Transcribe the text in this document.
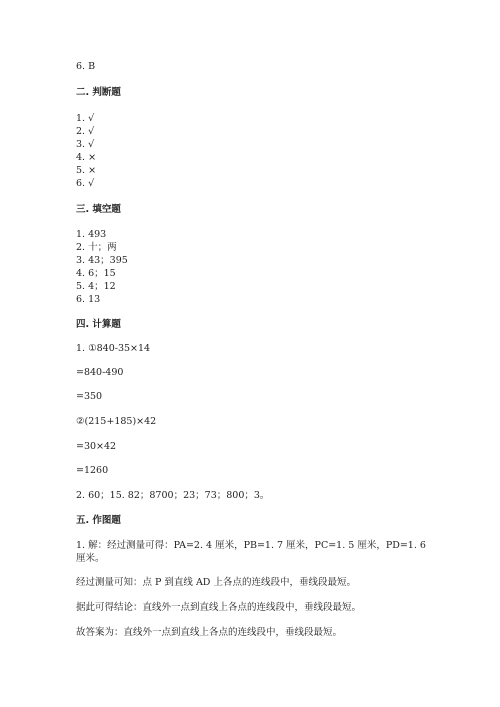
6. B
二. 判断题
1. √
2. √
3. √
4. ×
5. ×
6. √
三. 填空题
1. 493
2. 十；两
3. 43；395
4. 6；15
5. 4；12
6. 13
四. 计算题
1. ①840-35×14
=840-490
=350
②(215+185)×42
=30×42
=1260
2. 60；15. 82；8700；23；73；800；3。
五. 作图题
1. 解：经过测量可得：PA=2. 4 厘米，PB=1. 7 厘米，PC=1. 5 厘米，PD=1. 6 厘米。
经过测量可知：点 P 到直线 AD 上各点的连线段中，垂线段最短。
据此可得结论：直线外一点到直线上各点的连线段中，垂线段最短。
故答案为：直线外一点到直线上各点的连线段中，垂线段最短。
